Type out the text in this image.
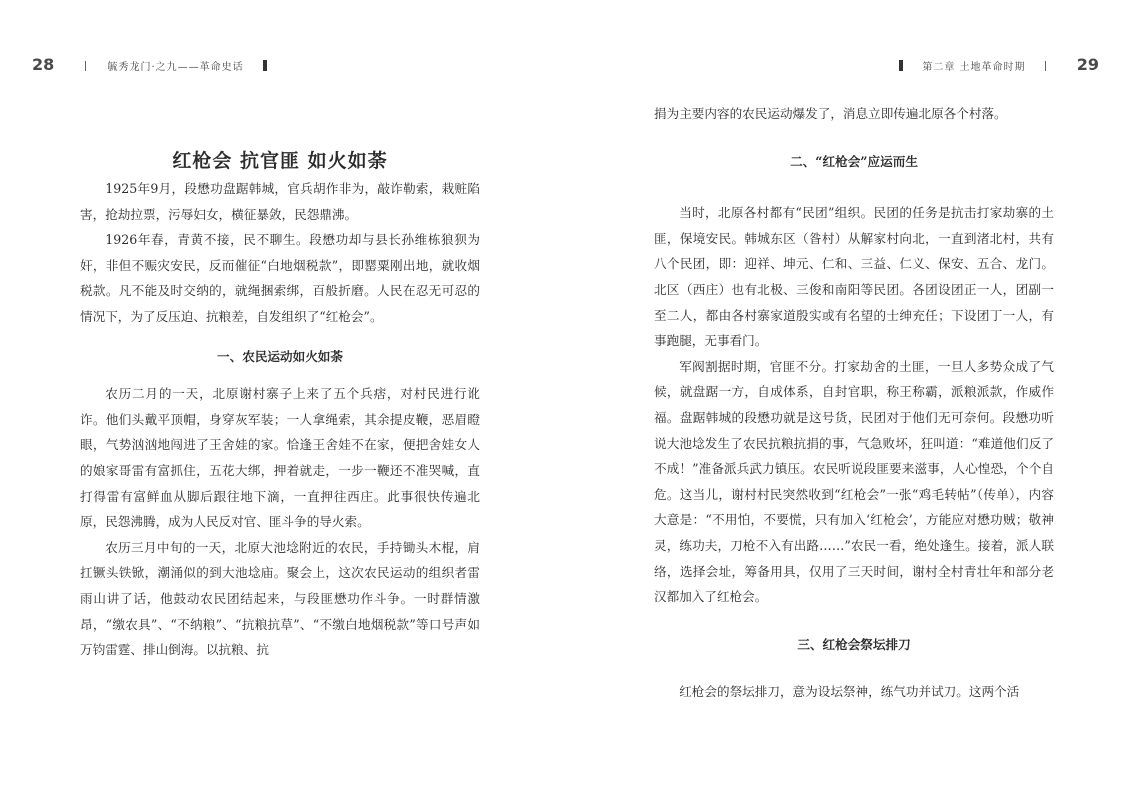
28	毓秀龙门·之九——革命史话
红枪会 抗官匪 如火如荼

1925年9月，段懋功盘踞韩城，官兵胡作非为，敲诈勒索，栽赃陷害，抢劫拉票，污辱妇女，横征暴敛，民怨鼎沸。

1926年春，青黄不接，民不聊生。段懋功却与县长孙维栋狼狈为奸，非但不赈灾安民，反而催征“白地烟税款”，即罂粟刚出地，就收烟税款。凡不能及时交纳的，就绳捆索绑，百般折磨。人民在忍无可忍的情况下，为了反压迫、抗粮差，自发组织了“红枪会”。

一、农民运动如火如荼

农历二月的一天，北原谢村寨子上来了五个兵痞，对村民进行讹诈。他们头戴平顶帽，身穿灰军装；一人拿绳索，其余提皮鞭，恶眉瞪眼，气势汹汹地闯进了王舍娃的家。恰逢王舍娃不在家，便把舍娃女人的娘家哥雷有富抓住，五花大绑，押着就走，一步一鞭还不准哭喊，直打得雷有富鲜血从脚后跟往地下滴，一直押往西庄。此事很快传遍北原，民怨沸腾，成为人民反对官、匪斗争的导火索。

农历三月中旬的一天，北原大池埝附近的农民，手持锄头木棍，肩扛镢头铁锨，潮涌似的到大池埝庙。聚会上，这次农民运动的组织者雷雨山讲了话，他鼓动农民团结起来，与段匪懋功作斗争。一时群情激昂，“缴农具”、“不纳粮”、“抗粮抗草”、“不缴白地烟税款”等口号声如万钧雷霆、排山倒海。以抗粮、抗

第二章 土地革命时期	29

捐为主要内容的农民运动爆发了，消息立即传遍北原各个村落。

二、“红枪会”应运而生

当时，北原各村都有“民团”组织。民团的任务是抗击打家劫寨的土匪，保境安民。韩城东区（昝村）从解家村向北，一直到渚北村，共有八个民团，即：迎祥、坤元、仁和、三益、仁义、保安、五合、龙门。北区（西庄）也有北极、三俊和南阳等民团。各团设团正一人，团副一至二人，都由各村寨家道殷实或有名望的士绅充任；下设团丁一人，有事跑腿，无事看门。

军阀割据时期，官匪不分。打家劫舍的土匪，一旦人多势众成了气候，就盘踞一方，自成体系，自封官职，称王称霸，派粮派款，作威作福。盘踞韩城的段懋功就是这号货，民团对于他们无可奈何。段懋功听说大池埝发生了农民抗粮抗捐的事，气急败坏，狂叫道：“难道他们反了不成！”准备派兵武力镇压。农民听说段匪要来滋事，人心惶恐，个个自危。这当儿，谢村村民突然收到“红枪会”一张“鸡毛转帖”（传单），内容大意是：“不用怕，不要慌，只有加入‘红枪会’，方能应对懋功贼；敬神灵，练功夫，刀枪不入有出路……”农民一看，绝处逢生。接着，派人联络，选择会址，筹备用具，仅用了三天时间，谢村全村青壮年和部分老汉都加入了红枪会。

三、红枪会祭坛排刀

红枪会的祭坛排刀，意为设坛祭神，练气功并试刀。这两个活
